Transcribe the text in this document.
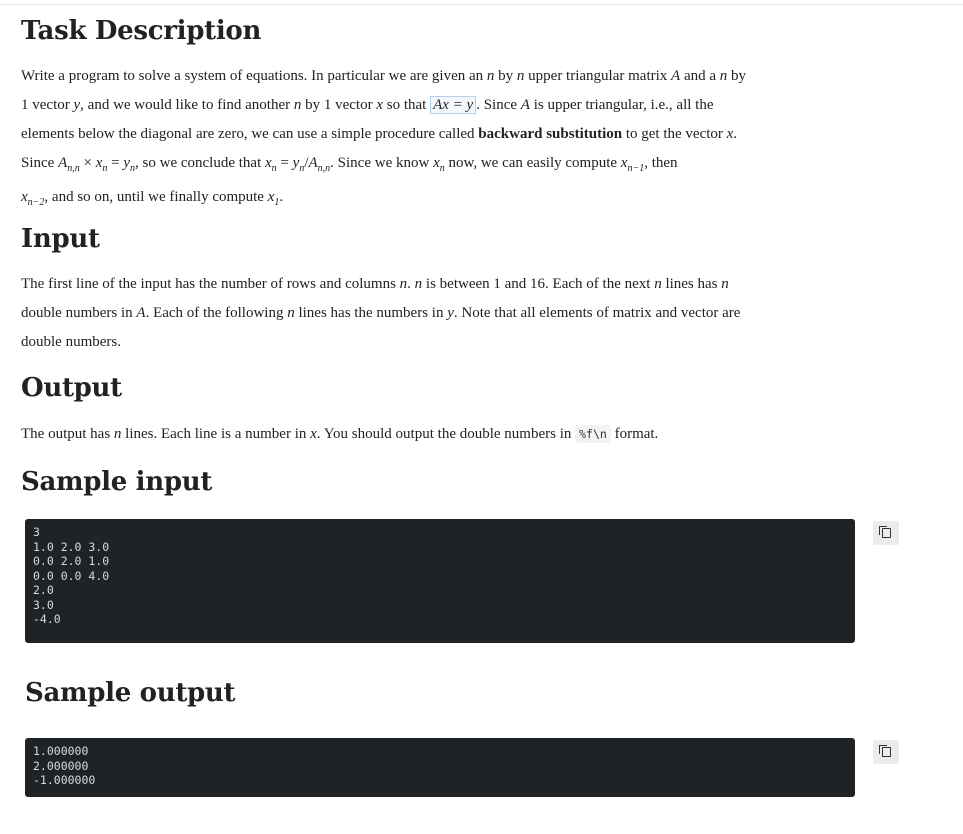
Task Description

Write a program to solve a system of equations. In particular we are given an n by n upper triangular matrix A and a n by
1 vector y, and we would like to find another n by 1 vector x so that Ax = y . Since A is upper triangular, i.e., all the
elements below the diagonal are zero, we can use a simple procedure called backward substitution to get the vector x.
Since $A_{n,n} \times x_n = y_n$, so we conclude that $x_n = y_n/A_{n,n}$. Since we know $x_n$ now, we can easily compute $x_{n-1}$, then
$x_{n-2}$, and so on, until we finally compute $x_1$.

Input

The first line of the input has the number of rows and columns n. n is between 1 and 16. Each of the next n lines has n
double numbers in A. Each of the following n lines has the numbers in y. Note that all elements of matrix and vector are
double numbers.

Output

The output has n lines. Each line is a number in x. You should output the double numbers in %f\n format.

Sample input
3
1.0 2.0 3.0
0.0 2.0 1.0
0.0 0.0 4.0
2.0
3.0
-4.0
Sample output
1.000000
2.000000
-1.000000
